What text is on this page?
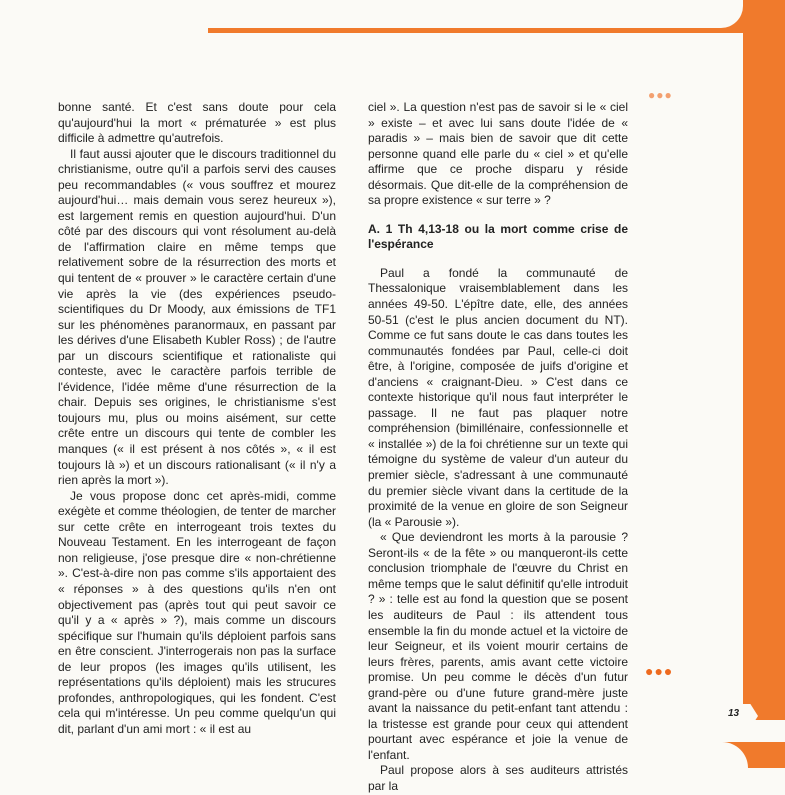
13
●●●
●●●

bonne santé. Et c'est sans doute pour cela qu'aujourd'hui la mort « prématurée » est plus difficile à admettre qu'autrefois.

Il faut aussi ajouter que le discours traditionnel du christianisme, outre qu'il a parfois servi des causes peu recommandables (« vous souffrez et mourez aujourd'hui… mais demain vous serez heureux »), est largement remis en question aujourd'hui. D'un côté par des discours qui vont résolument au-delà de l'affirmation claire en même temps que relativement sobre de la résurrection des morts et qui tentent de « prouver » le caractère certain d'une vie après la vie (des expériences pseudo-scientifiques du Dr Moody, aux émissions de TF1 sur les phénomènes paranormaux, en passant par les dérives d'une Elisabeth Kubler Ross) ; de l'autre par un discours scientifique et rationaliste qui conteste, avec le caractère parfois terrible de l'évidence, l'idée même d'une résurrection de la chair. Depuis ses origines, le christianisme s'est toujours mu, plus ou moins aisément, sur cette crête entre un discours qui tente de combler les manques (« il est présent à nos côtés », « il est toujours là ») et un discours rationalisant (« il n'y a rien après la mort »).

Je vous propose donc cet après-midi, comme exégète et comme théologien, de tenter de marcher sur cette crête en interrogeant trois textes du Nouveau Testament. En les interrogeant de façon non religieuse, j'ose presque dire « non-chrétienne ». C'est-à-dire non pas comme s'ils apportaient des « réponses » à des questions qu'ils n'en ont objectivement pas (après tout qui peut savoir ce qu'il y a « après » ?), mais comme un discours spécifique sur l'humain qu'ils déploient parfois sans en être conscient. J'interrogerais non pas la surface de leur propos (les images qu'ils utilisent, les représentations qu'ils déploient) mais les strucures profondes, anthropologiques, qui les fondent. C'est cela qui m'intéresse. Un peu comme quelqu'un qui dit, parlant d'un ami mort : « il est au

ciel ». La question n'est pas de savoir si le « ciel » existe – et avec lui sans doute l'idée de « paradis » – mais bien de savoir que dit cette personne quand elle parle du « ciel » et qu'elle affirme que ce proche disparu y réside désormais. Que dit-elle de la compréhension de sa propre existence « sur terre » ?

A. 1 Th 4,13-18 ou la mort comme crise de l'espérance

Paul a fondé la communauté de Thessalonique vraisemblablement dans les années 49-50. L'épître date, elle, des années 50-51 (c'est le plus ancien document du NT). Comme ce fut sans doute le cas dans toutes les communautés fondées par Paul, celle-ci doit être, à l'origine, composée de juifs d'origine et d'anciens « craignant-Dieu. » C'est dans ce contexte historique qu'il nous faut interpréter le passage. Il ne faut pas plaquer notre compréhension (bimillénaire, confessionnelle et « installée ») de la foi chrétienne sur un texte qui témoigne du système de valeur d'un auteur du premier siècle, s'adressant à une communauté du premier siècle vivant dans la certitude de la proximité de la venue en gloire de son Seigneur (la « Parousie »).

« Que deviendront les morts à la parousie ? Seront-ils « de la fête » ou manqueront-ils cette conclusion triomphale de l'œuvre du Christ en même temps que le salut définitif qu'elle introduit ? » : telle est au fond la question que se posent les auditeurs de Paul : ils attendent tous ensemble la fin du monde actuel et la victoire de leur Seigneur, et ils voient mourir certains de leurs frères, parents, amis avant cette victoire promise. Un peu comme le décès d'un futur grand-père ou d'une future grand-mère juste avant la naissance du petit-enfant tant attendu : la tristesse est grande pour ceux qui attendent pourtant avec espérance et joie la venue de l'enfant.

Paul propose alors à ses auditeurs attristés par la
